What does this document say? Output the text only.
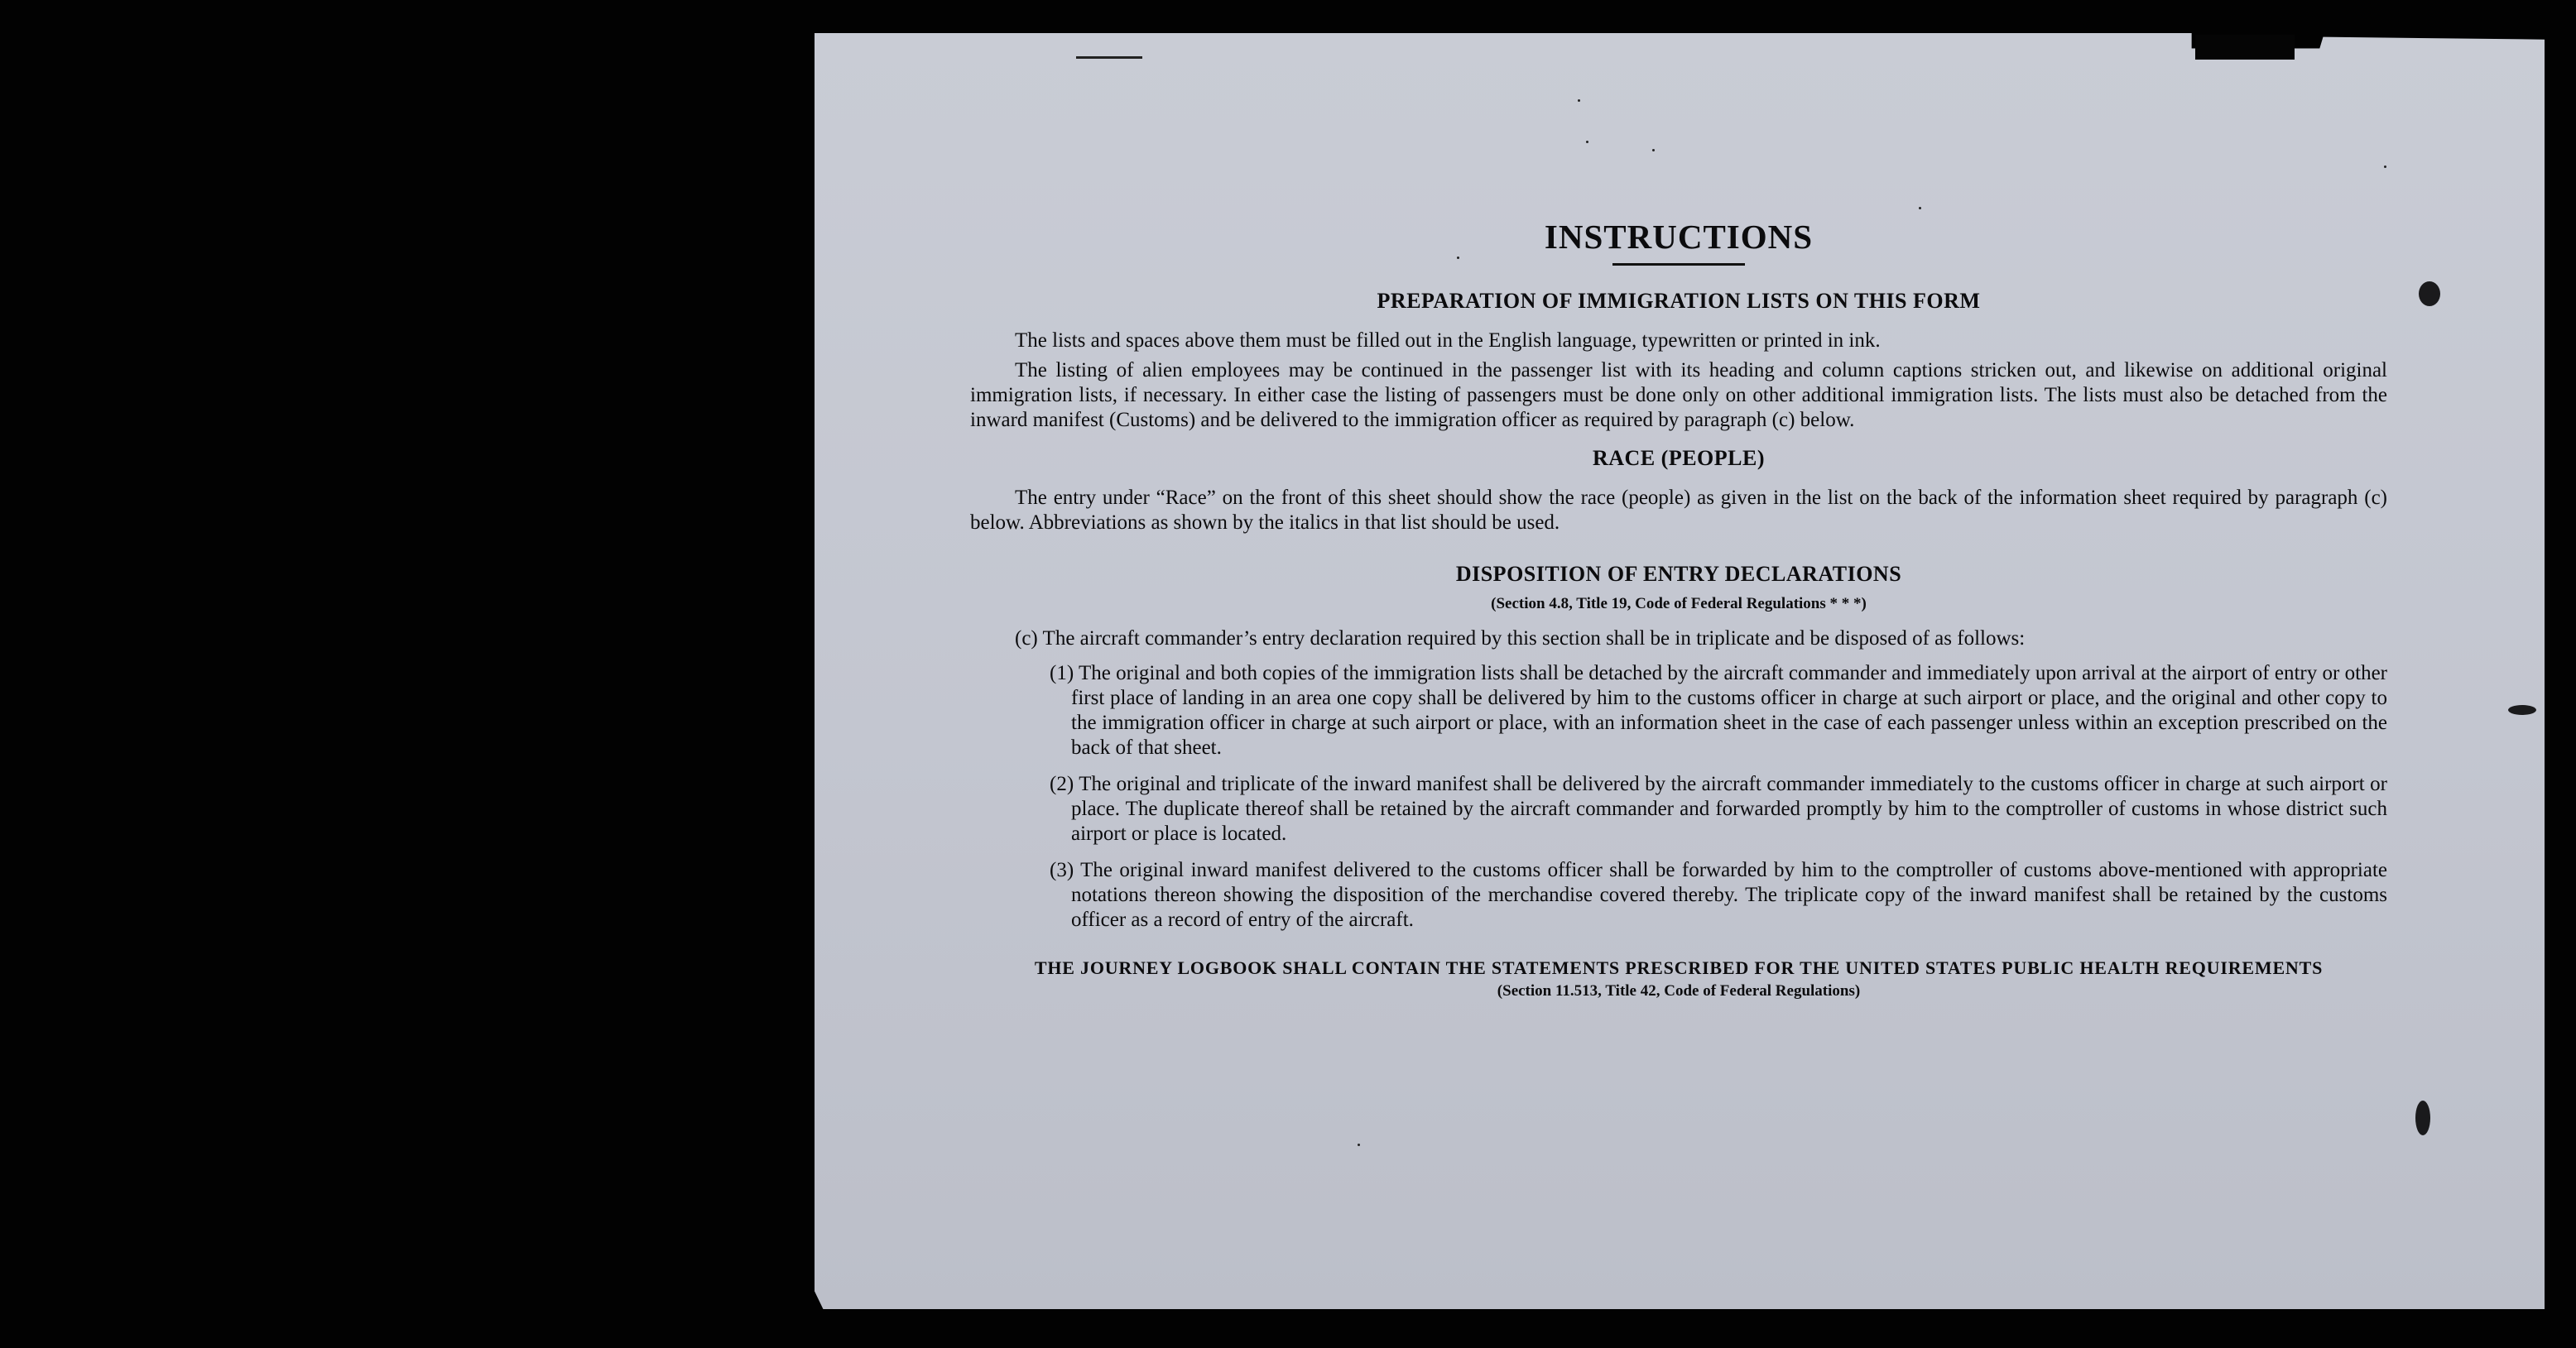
INSTRUCTIONS
PREPARATION OF IMMIGRATION LISTS ON THIS FORM

The lists and spaces above them must be filled out in the English language, typewritten or printed in ink.

The listing of alien employees may be continued in the passenger list with its heading and column captions stricken out, and likewise on additional original immigration lists, if necessary. In either case the listing of passengers must be done only on other additional immigration lists. The lists must also be detached from the inward manifest (Customs) and be delivered to the immigration officer as required by paragraph (c) below.

RACE (PEOPLE)

The entry under “Race” on the front of this sheet should show the race (people) as given in the list on the back of the information sheet required by paragraph (c) below. Abbreviations as shown by the italics in that list should be used.

DISPOSITION OF ENTRY DECLARATIONS
(Section 4.8, Title 19, Code of Federal Regulations * * *)

(c) The aircraft commander’s entry declaration required by this section shall be in triplicate and be disposed of as follows:

(1) The original and both copies of the immigration lists shall be detached by the aircraft commander and immediately upon arrival at the airport of entry or other first place of landing in an area one copy shall be delivered by him to the customs officer in charge at such airport or place, and the original and other copy to the immigration officer in charge at such airport or place, with an information sheet in the case of each passenger unless within an exception prescribed on the back of that sheet.

(2) The original and triplicate of the inward manifest shall be delivered by the aircraft commander immediately to the customs officer in charge at such airport or place. The duplicate thereof shall be retained by the aircraft commander and forwarded promptly by him to the comptroller of customs in whose district such airport or place is located.

(3) The original inward manifest delivered to the customs officer shall be forwarded by him to the comptroller of customs above-mentioned with appropriate notations thereon showing the disposition of the merchandise covered thereby. The triplicate copy of the inward manifest shall be retained by the customs officer as a record of entry of the aircraft.

THE JOURNEY LOGBOOK SHALL CONTAIN THE STATEMENTS PRESCRIBED FOR THE UNITED STATES PUBLIC HEALTH REQUIREMENTS
(Section 11.513, Title 42, Code of Federal Regulations)
